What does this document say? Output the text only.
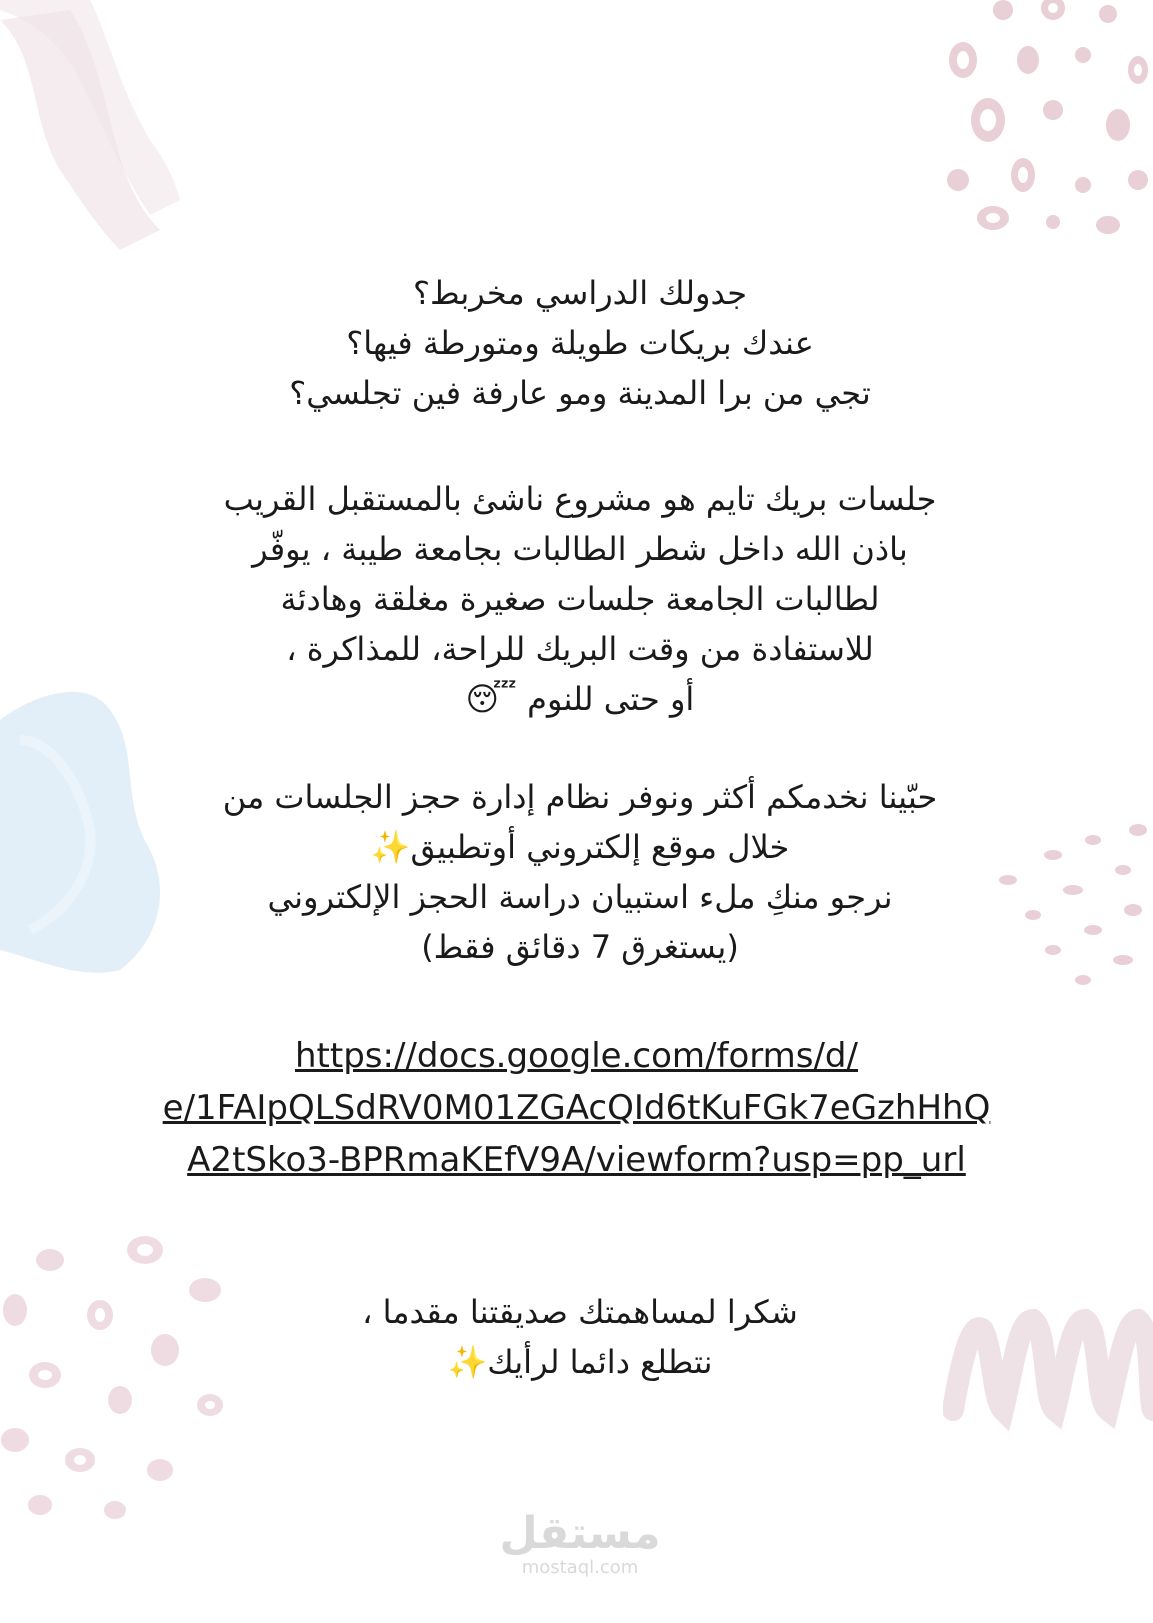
جدولك الدراسي مخربط؟
عندك بريكات طويلة ومتورطة فيها؟
تجي من برا المدينة ومو عارفة فين تجلسي؟
جلسات بريك تايم هو مشروع ناشئ بالمستقبل القريب
باذن الله داخل شطر الطالبات بجامعة طيبة ، يوفّر
لطالبات الجامعة جلسات صغيرة مغلقة وهادئة
للاستفادة من وقت البريك للراحة، للمذاكرة ،
أو حتى للنوم 😴
حبّينا نخدمكم أكثر ونوفر نظام إدارة حجز الجلسات من
خلال موقع إلكتروني أوتطبيق✨
نرجو منكِ ملء استبيان دراسة الحجز الإلكتروني
(يستغرق 7 دقائق فقط)
https://docs.google.com/forms/d/
e/1FAIpQLSdRV0M01ZGAcQId6tKuFGk7eGzhHhQ
A2tSko3-BPRmaKEfV9A/viewform?usp=pp_url
شكرا لمساهمتك صديقتنا مقدما ،
نتطلع دائما لرأيك✨
مستقل
mostaql.com
